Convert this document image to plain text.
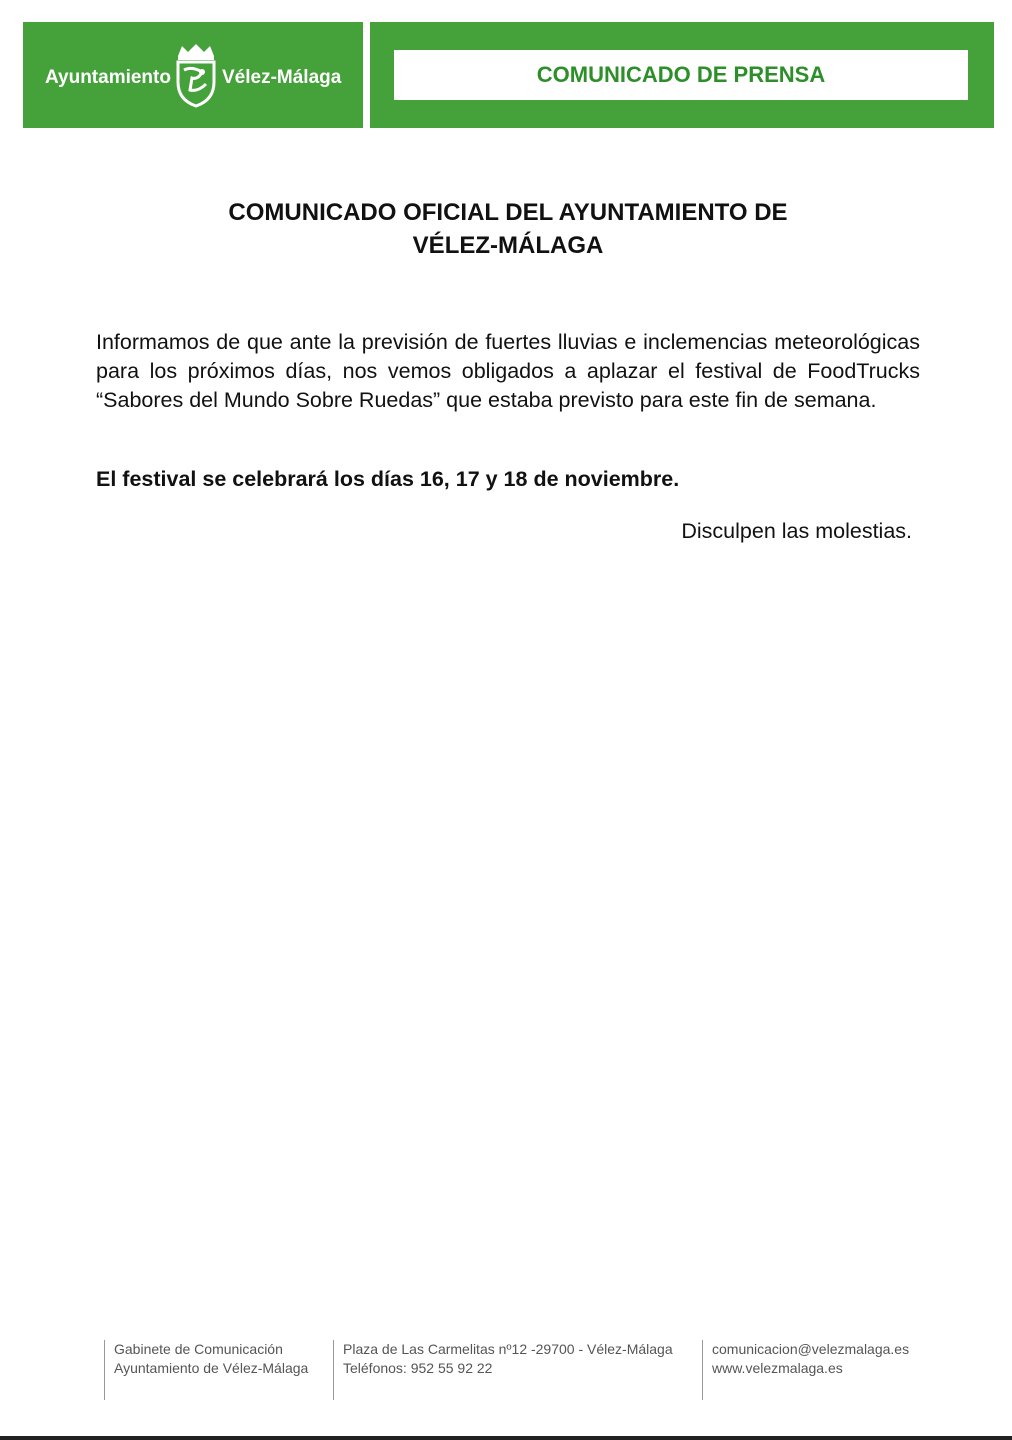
Ayuntamiento	Vélez-Málaga	COMUNICADO DE PRENSA
COMUNICADO OFICIAL DEL AYUNTAMIENTO DE
VÉLEZ-MÁLAGA
Informamos de que ante la previsión de fuertes lluvias e inclemencias meteorológicas para los próximos días, nos vemos obligados a aplazar el festival de FoodTrucks “Sabores del Mundo Sobre Ruedas” que estaba previsto para este fin de semana.
El festival se celebrará los días 16, 17 y 18 de noviembre.
Disculpen las molestias.
Gabinete de Comunicación
Ayuntamiento de Vélez-Málaga
Plaza de Las Carmelitas nº12 -29700 - Vélez-Málaga
Teléfonos: 952 55 92 22
comunicacion@velezmalaga.es
www.velezmalaga.es
